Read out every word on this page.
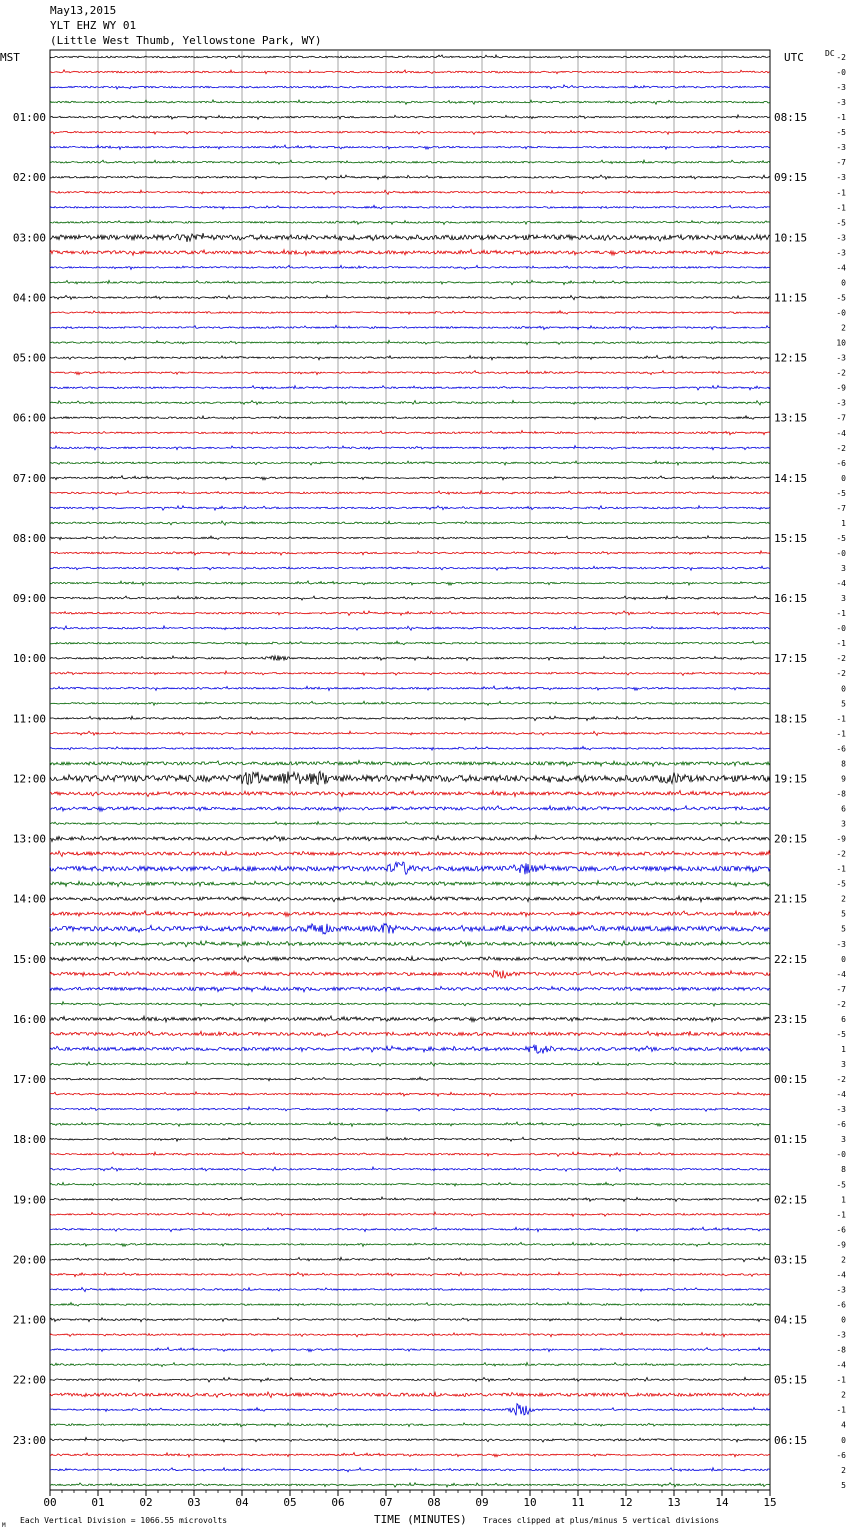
May13,2015
YLT EHZ WY 01
(Little West Thumb, Yellowstone Park, WY)
MST	UTC	DC
TIME (MINUTES)
Each Vertical Division = 1066.55 microvolts	Traces clipped at plus/minus 5 vertical divisions
M
00	01	02	03	04	05	06	07	08	09	10	11	12	13	14	15
-2
-0
-3
-3
01:00	08:15	-1
-5
-3
-7
02:00	09:15	-3
-1
-1
-5
03:00	10:15	-3
-3
-4
0
04:00	11:15	-5
-0
2
10
05:00	12:15	-3
-2
-9
-3
06:00	13:15	-7
-4
-2
-6
07:00	14:15	0
-5
-7
1
08:00	15:15	-5
-0
3
-4
09:00	16:15	3
-1
-0
-1
10:00	17:15	-2
-2
0
5
11:00	18:15	-1
-1
-6
8
12:00	19:15	9
-8
6
3
13:00	20:15	-9
-2
-1
-5
14:00	21:15	2
5
5
-3
15:00	22:15	0
-4
-7
-2
16:00	23:15	6
-5
1
3
17:00	00:15	-2
-4
-3
-6
18:00	01:15	3
-0
8
-5
19:00	02:15	1
-1
-6
-9
20:00	03:15	2
-4
-3
-6
21:00	04:15	0
-3
-8
-4
22:00	05:15	-1
2
-1
4
23:00	06:15	0
-6
2
5
